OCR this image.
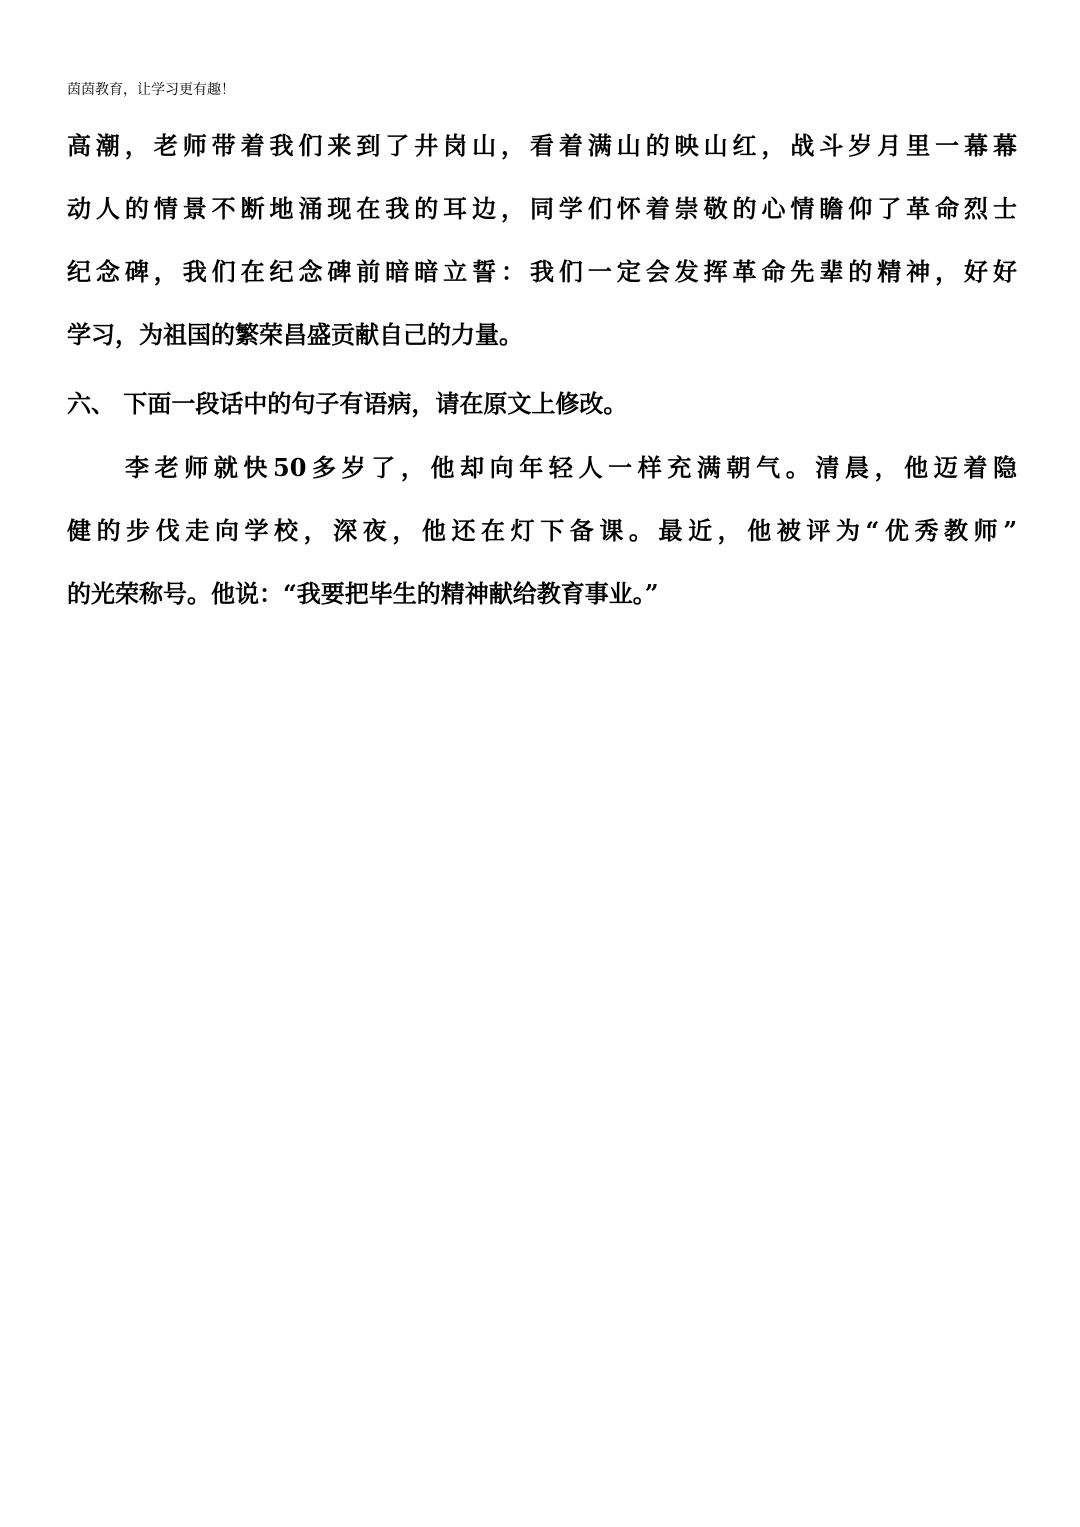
茵茵教育，让学习更有趣！
高潮，老师带着我们来到了井岗山，看着满山的映山红，战斗岁月里一幕幕
动人的情景不断地涌现在我的耳边，同学们怀着崇敬的心情瞻仰了革命烈士
纪念碑，我们在纪念碑前暗暗立誓：我们一定会发挥革命先辈的精神，好好
学习，为祖国的繁荣昌盛贡献自己的力量。
六、 下面一段话中的句子有语病，请在原文上修改。
李老师就快50多岁了，他却向年轻人一样充满朝气。清晨，他迈着隐
健的步伐走向学校，深夜，他还在灯下备课。最近，他被评为“优秀教师”
的光荣称号。他说：“我要把毕生的精神献给教育事业。”
